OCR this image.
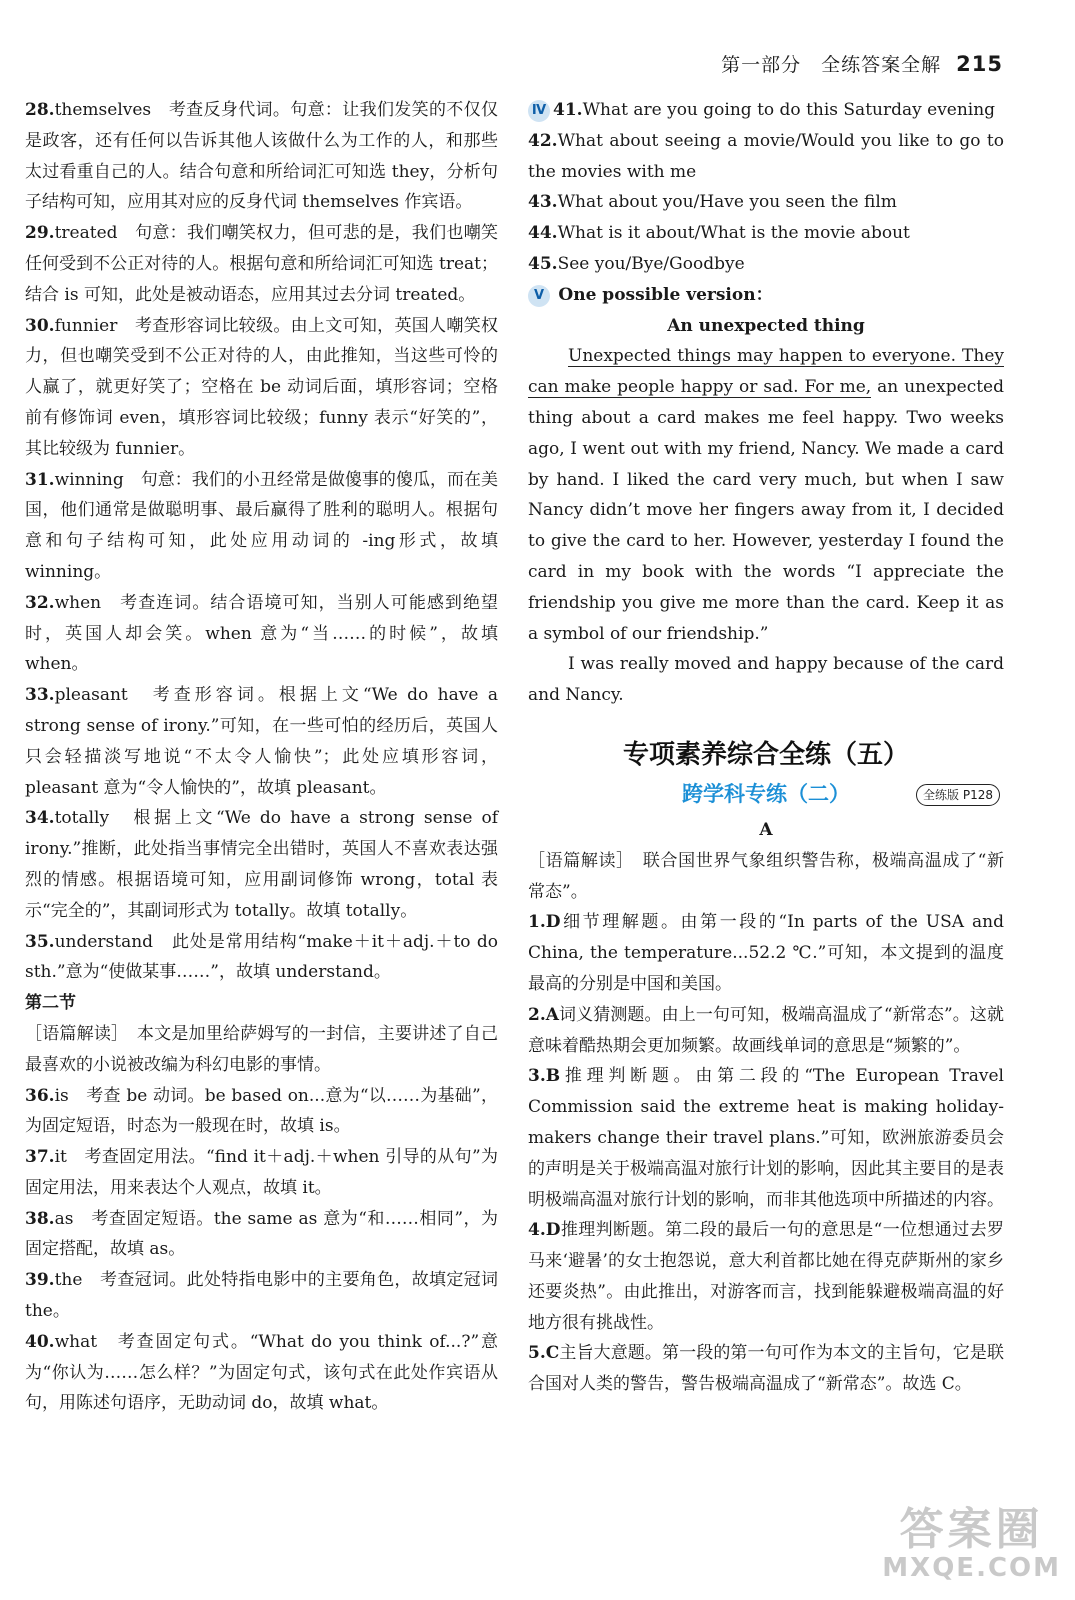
第一部分　全练答案全解 215

28.themselves　考查反身代词。句意：让我们发笑的不仅仅是政客，还有任何以告诉其他人该做什么为工作的人，和那些太过看重自己的人。结合句意和所给词汇可知选 they，分析句子结构可知，应用其对应的反身代词 themselves 作宾语。

29.treated　句意：我们嘲笑权力，但可悲的是，我们也嘲笑任何受到不公正对待的人。根据句意和所给词汇可知选 treat；结合 is 可知，此处是被动语态，应用其过去分词 treated。

30.funnier　考查形容词比较级。由上文可知，英国人嘲笑权力，但也嘲笑受到不公正对待的人，由此推知，当这些可怜的人赢了，就更好笑了；空格在 be 动词后面，填形容词；空格前有修饰词 even，填形容词比较级；funny 表示“好笑的”，其比较级为 funnier。

31.winning　句意：我们的小丑经常是做傻事的傻瓜，而在美国，他们通常是做聪明事、最后赢得了胜利的聪明人。根据句意和句子结构可知，此处应用动词的 -ing形式，故填 winning。

32.when　考查连词。结合语境可知，当别人可能感到绝望时，英国人却会笑。when 意为“当……的时候”，故填 when。

33.pleasant　考查形容词。根据上文“We do have a strong sense of irony.”可知，在一些可怕的经历后，英国人只会轻描淡写地说“不太令人愉快”；此处应填形容词，pleasant 意为“令人愉快的”，故填 pleasant。

34.totally　根据上文“We do have a strong sense of irony.”推断，此处指当事情完全出错时，英国人不喜欢表达强烈的情感。根据语境可知，应用副词修饰 wrong，total 表示“完全的”，其副词形式为 totally。故填 totally。

35.understand　此处是常用结构“make＋it＋adj.＋to do sth.”意为“使做某事……”，故填 understand。

第二节

［语篇解读］　本文是加里给萨姆写的一封信，主要讲述了自己最喜欢的小说被改编为科幻电影的事情。

36.is　考查 be 动词。be based on...意为“以……为基础”，为固定短语，时态为一般现在时，故填 is。

37.it　考查固定用法。“find it＋adj.＋when 引导的从句”为固定用法，用来表达个人观点，故填 it。

38.as　考查固定短语。the same as 意为“和……相同”，为固定搭配，故填 as。

39.the　考查冠词。此处特指电影中的主要角色，故填定冠词 the。

40.what　考查固定句式。“What do you think of...?”意为“你认为……怎么样？”为固定句式，该句式在此处作宾语从句，用陈述句语序，无助动词 do，故填 what。

Ⅳ 41.What are you going to do this Saturday evening

42.What about seeing a movie/Would you like to go to the movies with me

43.What about you/Have you seen the film

44.What is it about/What is the movie about

45.See you/Bye/Goodbye

Ⅴ One possible version：

An unexpected thing

Unexpected things may happen to everyone. They can make people happy or sad. For me, an unexpected thing about a card makes me feel happy. Two weeks ago, I went out with my friend, Nancy. We made a card by hand. I liked the card very much, but when I saw Nancy didn’t move her fingers away from it, I decided to give the card to her. However, yesterday I found the card in my book with the words “I appreciate the friendship you give me more than the card. Keep it as a symbol of our friendship.”

I was really moved and happy because of the card and Nancy.

专项素养综合全练（五）
跨学科专练（二）	全练版 P128

A

［语篇解读］　联合国世界气象组织警告称，极端高温成了“新常态”。

1.D细节理解题。由第一段的“In parts of the USA and China, the temperature...52.2 ℃.”可知，本文提到的温度最高的分别是中国和美国。

2.A词义猜测题。由上一句可知，极端高温成了“新常态”。这就意味着酷热期会更加频繁。故画线单词的意思是“频繁的”。

3.B推理判断题。由第二段的“The European Travel Commission said the extreme heat is making holiday-makers change their travel plans.”可知，欧洲旅游委员会的声明是关于极端高温对旅行计划的影响，因此其主要目的是表明极端高温对旅行计划的影响，而非其他选项中所描述的内容。

4.D推理判断题。第二段的最后一句的意思是“一位想通过去罗马来‘避暑’的女士抱怨说，意大利首都比她在得克萨斯州的家乡还要炎热”。由此推出，对游客而言，找到能躲避极端高温的好地方很有挑战性。

5.C主旨大意题。第一段的第一句可作为本文的主旨句，它是联合国对人类的警告，警告极端高温成了“新常态”。故选 C。

答案圈
MXQE.COM
